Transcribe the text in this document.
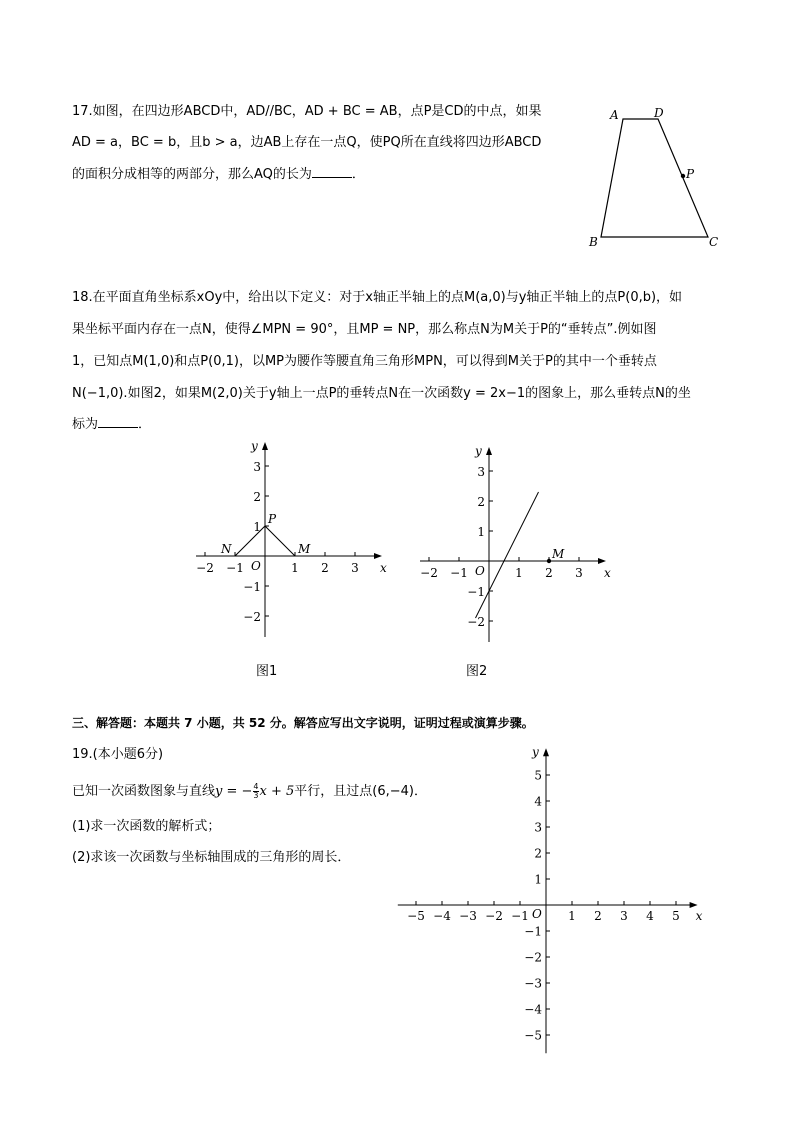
17.如图，在四边形ABCD中，AD//BC，AD + BC = AB，点P是CD的中点，如果
AD = a，BC = b，且b > a，边AB上存在一点Q，使PQ所在直线将四边形ABCD
的面积分成相等的两部分，那么AQ的长为	．
A	D
P
B	C
18.在平面直角坐标系xOy中，给出以下定义：对于x轴正半轴上的点M(a,0)与y轴正半轴上的点P(0,b)，如
果坐标平面内存在一点N，使得∠MPN = 90°，且MP = NP，那么称点N为M关于P的“垂转点”.例如图
1，已知点M(1,0)和点P(0,1)，以MP为腰作等腰直角三角形MPN，可以得到M关于P的其中一个垂转点
N(−1,0).如图2，如果M(2,0)关于y轴上一点P的垂转点N在一次函数y = 2x−1的图象上，那么垂转点N的坐
标为	．
−2 −1	1 2 3
3
2
1
−1
−2
x
y
O
N
P
M
图1
−2 −1	1 2 3
3
2
1
−1
−2
x
y
O
M
图2
三、解答题：本题共 7 小题，共 52 分。解答应写出文字说明，证明过程或演算步骤。
19.(本小题6分)
已知一次函数图象与直线y = − $\frac{4}{3}$ x + 5平行，且过点(6,−4)．
(1)求一次函数的解析式；
(2)求该一次函数与坐标轴围成的三角形的周长．
−5 −4 −3 −2 −1	1 2 3 4 5
5
4
3
2
1
−1
−2
−3
−4
−5
x
y
O
